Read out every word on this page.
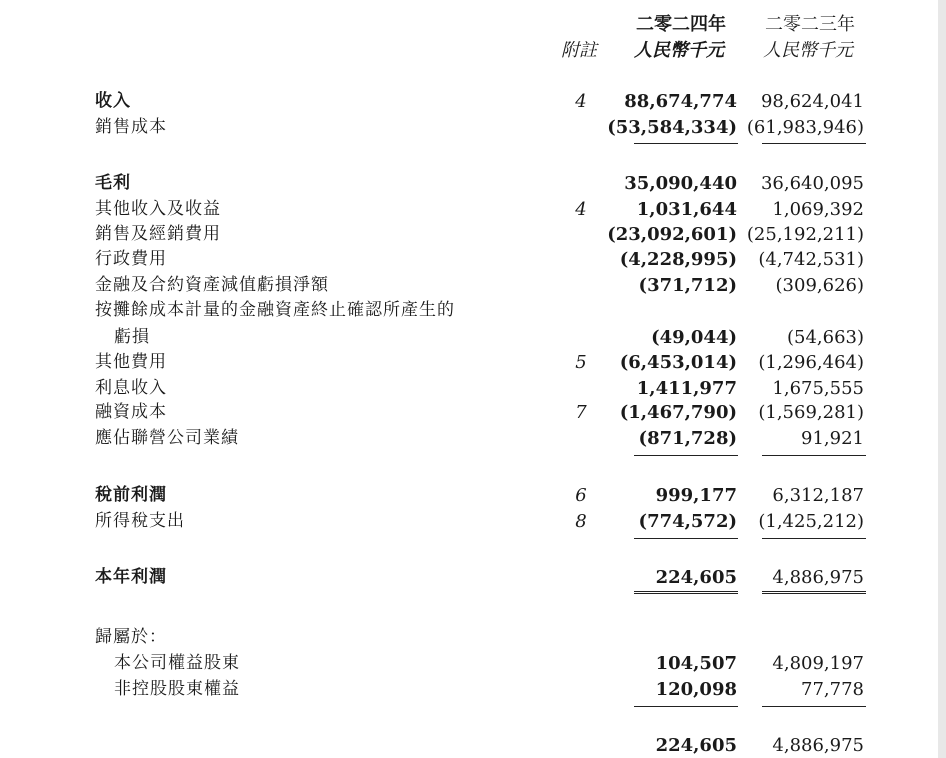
二零二四年 二零二三年
附註 人民幣千元 人民幣千元
收入	4	88,674,774 98,624,041
銷售成本	(53,584,334) (61,983,946)
毛利	35,090,440 36,640,095
其他收入及收益	4	1,031,644 1,069,392
銷售及經銷費用	(23,092,601) (25,192,211)
行政費用	(4,228,995) (4,742,531)
金融及合約資產減值虧損淨額	(371,712) (309,626)
按攤餘成本計量的金融資產終止確認所產生的
虧損	(49,044)	(54,663)
其他費用	5	(6,453,014) (1,296,464)
利息收入	1,411,977 1,675,555
融資成本	7	(1,467,790) (1,569,281)
應佔聯營公司業績	(871,728)	91,921
稅前利潤	6	999,177 6,312,187
所得稅支出	8	(774,572) (1,425,212)
本年利潤	224,605 4,886,975
歸屬於：
本公司權益股東	104,507 4,809,197
非控股股東權益	120,098	77,778
224,605 4,886,975
